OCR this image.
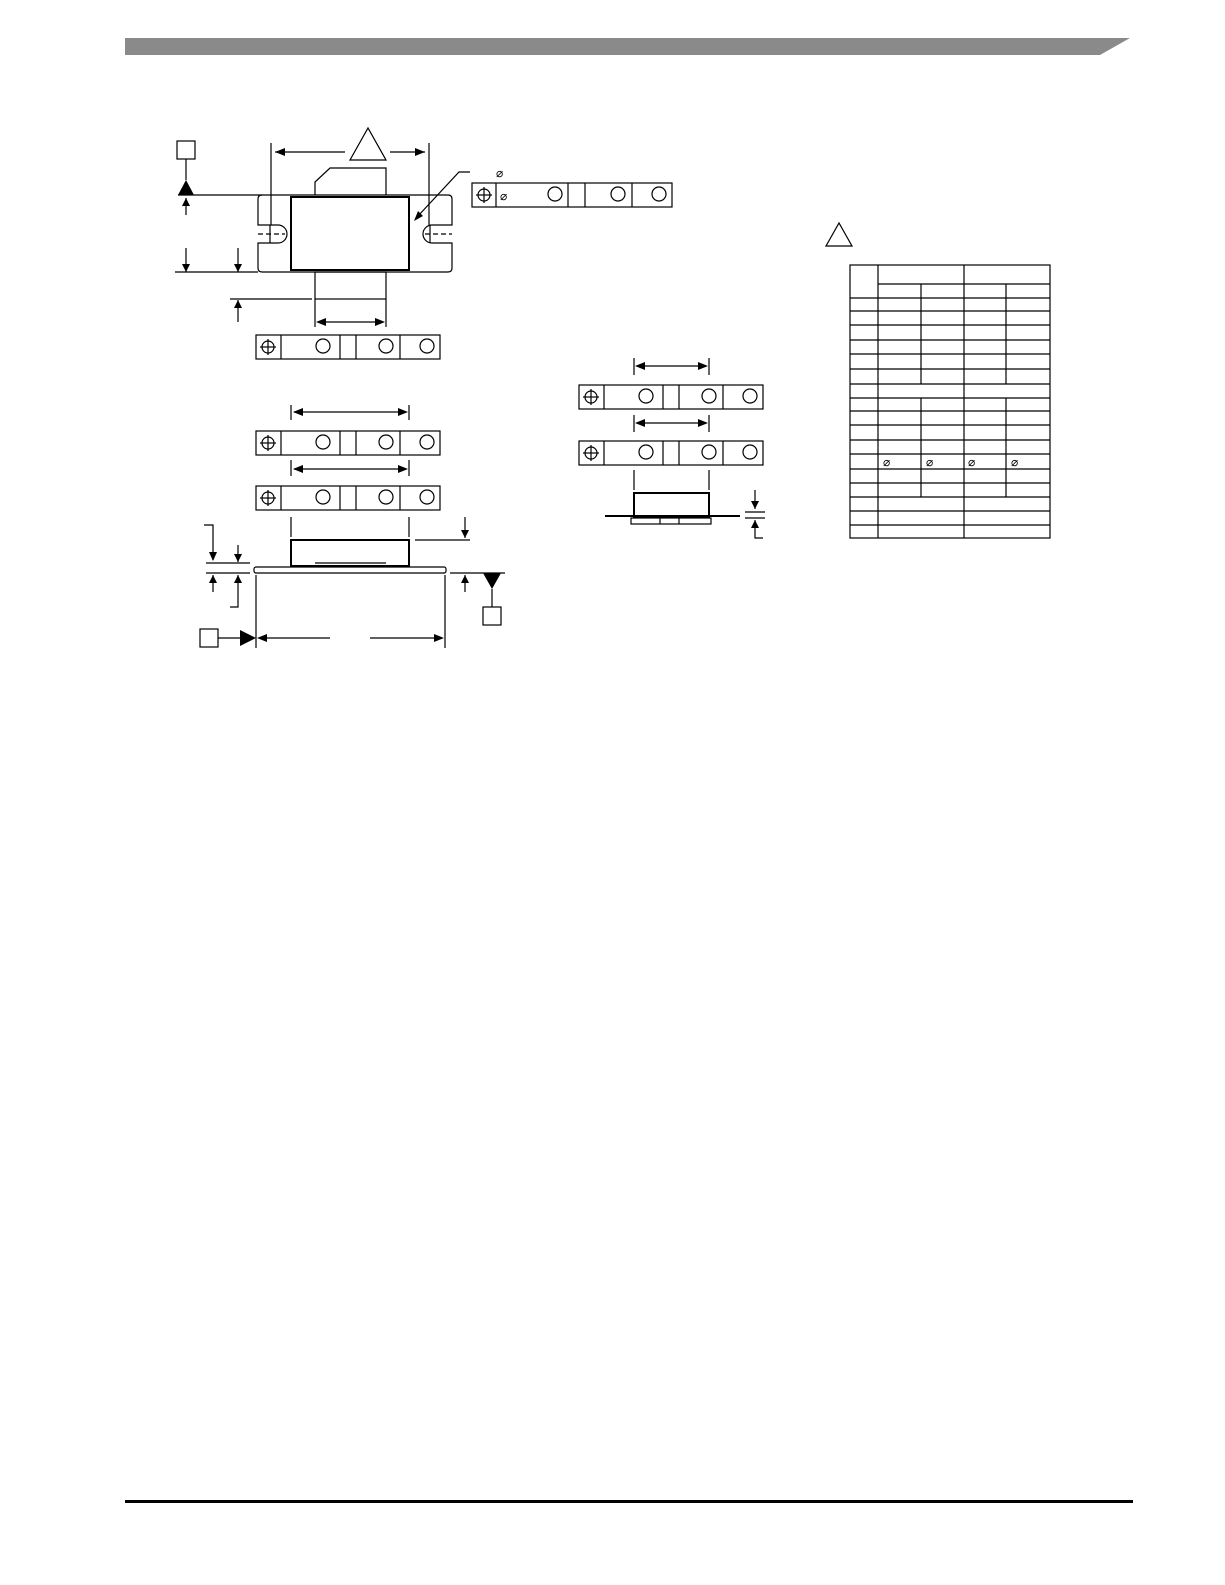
⌀
⌀
⌀	⌀	⌀	⌀
